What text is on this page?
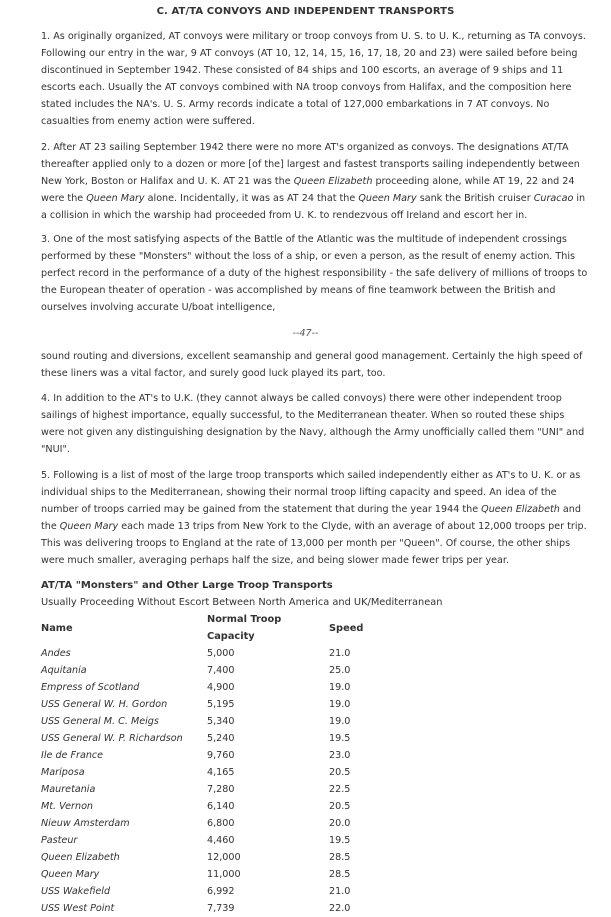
C. AT/TA CONVOYS AND INDEPENDENT TRANSPORTS

1. As originally organized, AT convoys were military or troop convoys from U. S. to U. K., returning as TA convoys. Following our entry in the war, 9 AT convoys (AT 10, 12, 14, 15, 16, 17, 18, 20 and 23) were sailed before being discontinued in September 1942. These consisted of 84 ships and 100 escorts, an average of 9 ships and 11 escorts each. Usually the AT convoys combined with NA troop convoys from Halifax, and the composition here stated includes the NA's. U. S. Army records indicate a total of 127,000 embarkations in 7 AT convoys. No casualties from enemy action were suffered.

2. After AT 23 sailing September 1942 there were no more AT's organized as convoys. The designations AT/TA thereafter applied only to a dozen or more [of the] largest and fastest transports sailing independently between New York, Boston or Halifax and U. K. AT 21 was the Queen Elizabeth proceeding alone, while AT 19, 22 and 24 were the Queen Mary alone. Incidentally, it was as AT 24 that the Queen Mary sank the British cruiser Curacao in a collision in which the warship had proceeded from U. K. to rendezvous off Ireland and escort her in.

3. One of the most satisfying aspects of the Battle of the Atlantic was the multitude of independent crossings performed by these "Monsters" without the loss of a ship, or even a person, as the result of enemy action. This perfect record in the performance of a duty of the highest responsibility - the safe delivery of millions of troops to the European theater of operation - was accomplished by means of fine teamwork between the British and ourselves involving accurate U/boat intelligence,

--47--

sound routing and diversions, excellent seamanship and general good management. Certainly the high speed of these liners was a vital factor, and surely good luck played its part, too.

4. In addition to the AT's to U.K. (they cannot always be called convoys) there were other independent troop sailings of highest importance, equally successful, to the Mediterranean theater. When so routed these ships were not given any distinguishing designation by the Navy, although the Army unofficially called them "UNI" and "NUI".

5. Following is a list of most of the large troop transports which sailed independently either as AT's to U. K. or as individual ships to the Mediterranean, showing their normal troop lifting capacity and speed. An idea of the number of troops carried may be gained from the statement that during the year 1944 the Queen Elizabeth and the Queen Mary each made 13 trips from New York to the Clyde, with an average of about 12,000 troops per trip. This was delivering troops to England at the rate of 13,000 per month per "Queen". Of course, the other ships were much smaller, averaging perhaps half the size, and being slower made fewer trips per year.

AT/TA "Monsters" and Other Large Troop Transports
Usually Proceeding Without Escort Between North America and UK/Mediterranean
Name	Normal Troop Capacity	Speed
Andes	5,000	21.0
Aquitania	7,400	25.0
Empress of Scotland	4,900	19.0
USS General W. H. Gordon	5,195	19.0
USS General M. C. Meigs	5,340	19.0
USS General W. P. Richardson	5,240	19.5
Ile de France	9,760	23.0
Mariposa	4,165	20.5
Mauretania	7,280	22.5
Mt. Vernon	6,140	20.5
Nieuw Amsterdam	6,800	20.0
Pasteur	4,460	19.5
Queen Elizabeth	12,000	28.5
Queen Mary	11,000	28.5
USS Wakefield	6,992	21.0
USS West Point	7,739	22.0
